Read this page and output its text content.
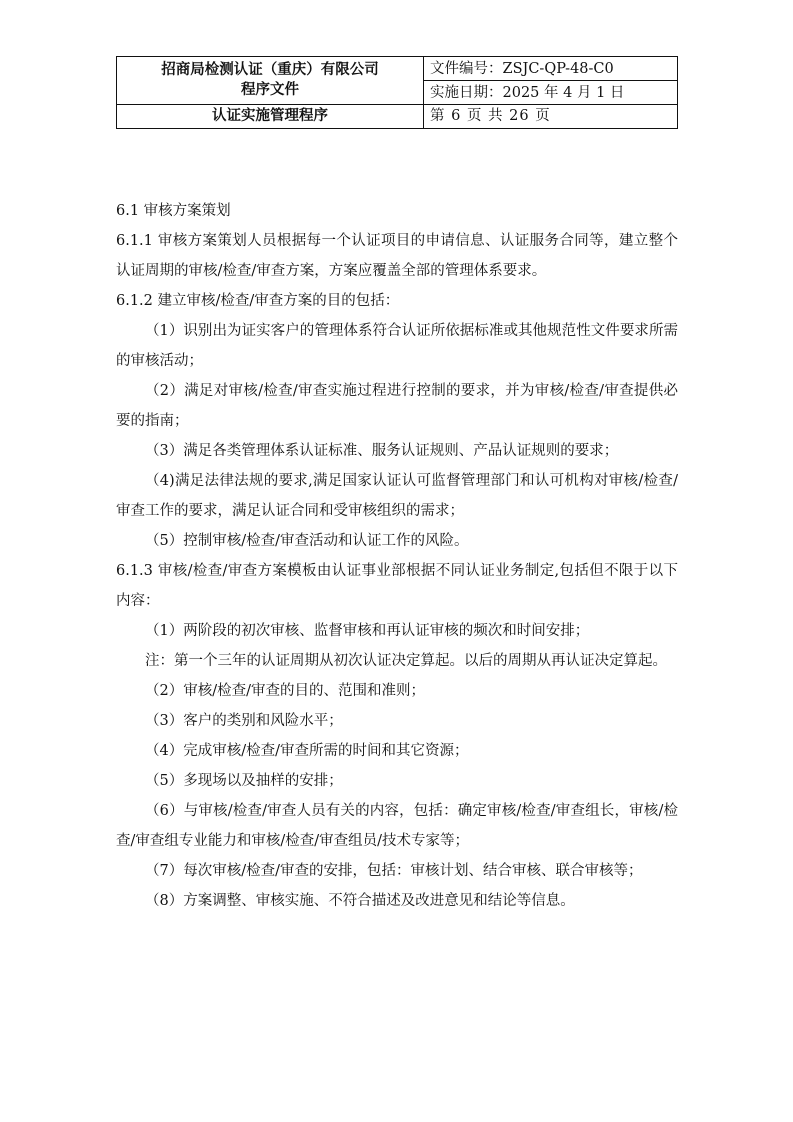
招商局检测认证（重庆）有限公司
程序文件
认证实施管理程序
文件编号：ZSJC-QP-48-C0
实施日期：2025 年 4 月 1 日
第 6 页 共 26 页

6.1 审核方案策划

6.1.1 审核方案策划人员根据每一个认证项目的申请信息、认证服务合同等，建立整个认证周期的审核/检查/审查方案，方案应覆盖全部的管理体系要求。

6.1.2 建立审核/检查/审查方案的目的包括：

（1）识别出为证实客户的管理体系符合认证所依据标准或其他规范性文件要求所需的审核活动；

（2）满足对审核/检查/审查实施过程进行控制的要求，并为审核/检查/审查提供必要的指南；

（3）满足各类管理体系认证标准、服务认证规则、产品认证规则的要求；

（4)满足法律法规的要求,满足国家认证认可监督管理部门和认可机构对审核/检查/审查工作的要求，满足认证合同和受审核组织的需求；

（5）控制审核/检查/审查活动和认证工作的风险。

6.1.3 审核/检查/审查方案模板由认证事业部根据不同认证业务制定,包括但不限于以下内容：

（1）两阶段的初次审核、监督审核和再认证审核的频次和时间安排；

注：第一个三年的认证周期从初次认证决定算起。以后的周期从再认证决定算起。

（2）审核/检查/审查的目的、范围和准则；

（3）客户的类别和风险水平；

（4）完成审核/检查/审查所需的时间和其它资源；

（5）多现场以及抽样的安排；

（6）与审核/检查/审查人员有关的内容，包括：确定审核/检查/审查组长，审核/检查/审查组专业能力和审核/检查/审查组员/技术专家等；

（7）每次审核/检查/审查的安排，包括：审核计划、结合审核、联合审核等；

（8）方案调整、审核实施、不符合描述及改进意见和结论等信息。
